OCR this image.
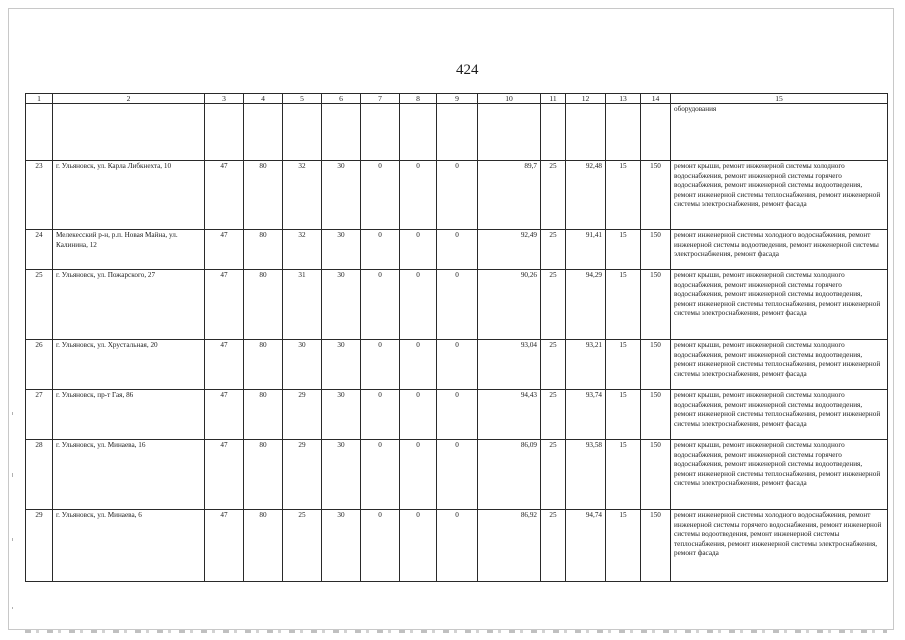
424
1	2	3	4	5	6	7	8	9	10	11	12	13	14	15
														оборудования
23	г. Ульяновск, ул. Карла Либкнехта, 10	47	80	32	30	0	0	0	89,7	25	92,48	15	150	ремонт крыши, ремонт инженерной системы холодного водоснабжения, ремонт инженерной системы горячего водоснабжения, ремонт инженерной системы водоотведения, ремонт инженерной системы теплоснабжения, ремонт инженерной системы электроснабжения, ремонт фасада
24	Мелекесский р-н, р.п. Новая Майна, ул. Калинина, 12	47	80	32	30	0	0	0	92,49	25	91,41	15	150	ремонт инженерной системы холодного водоснабжения, ремонт инженерной системы водоотведения, ремонт инженерной системы электроснабжения, ремонт фасада
25	г. Ульяновск, ул. Пожарского, 27	47	80	31	30	0	0	0	90,26	25	94,29	15	150	ремонт крыши, ремонт инженерной системы холодного водоснабжения, ремонт инженерной системы горячего водоснабжения, ремонт инженерной системы водоотведения, ремонт инженерной системы теплоснабжения, ремонт инженерной системы электроснабжения, ремонт фасада
26	г. Ульяновск, ул. Хрустальная, 20	47	80	30	30	0	0	0	93,04	25	93,21	15	150	ремонт крыши, ремонт инженерной системы холодного водоснабжения, ремонт инженерной системы водоотведения, ремонт инженерной системы теплоснабжения, ремонт инженерной системы электроснабжения, ремонт фасада
27	г. Ульяновск, пр-т Гая, 86	47	80	29	30	0	0	0	94,43	25	93,74	15	150	ремонт крыши, ремонт инженерной системы холодного водоснабжения, ремонт инженерной системы водоотведения, ремонт инженерной системы теплоснабжения, ремонт инженерной системы электроснабжения, ремонт фасада
28	г. Ульяновск, ул. Минаева, 16	47	80	29	30	0	0	0	86,09	25	93,58	15	150	ремонт крыши, ремонт инженерной системы холодного водоснабжения, ремонт инженерной системы горячего водоснабжения, ремонт инженерной системы водоотведения, ремонт инженерной системы теплоснабжения, ремонт инженерной системы электроснабжения, ремонт фасада
29	г. Ульяновск, ул. Минаева, 6	47	80	25	30	0	0	0	86,92	25	94,74	15	150	ремонт инженерной системы холодного водоснабжения, ремонт инженерной системы горячего водоснабжения, ремонт инженерной системы водоотведения, ремонт инженерной системы теплоснабжения, ремонт инженерной системы электроснабжения, ремонт фасада
